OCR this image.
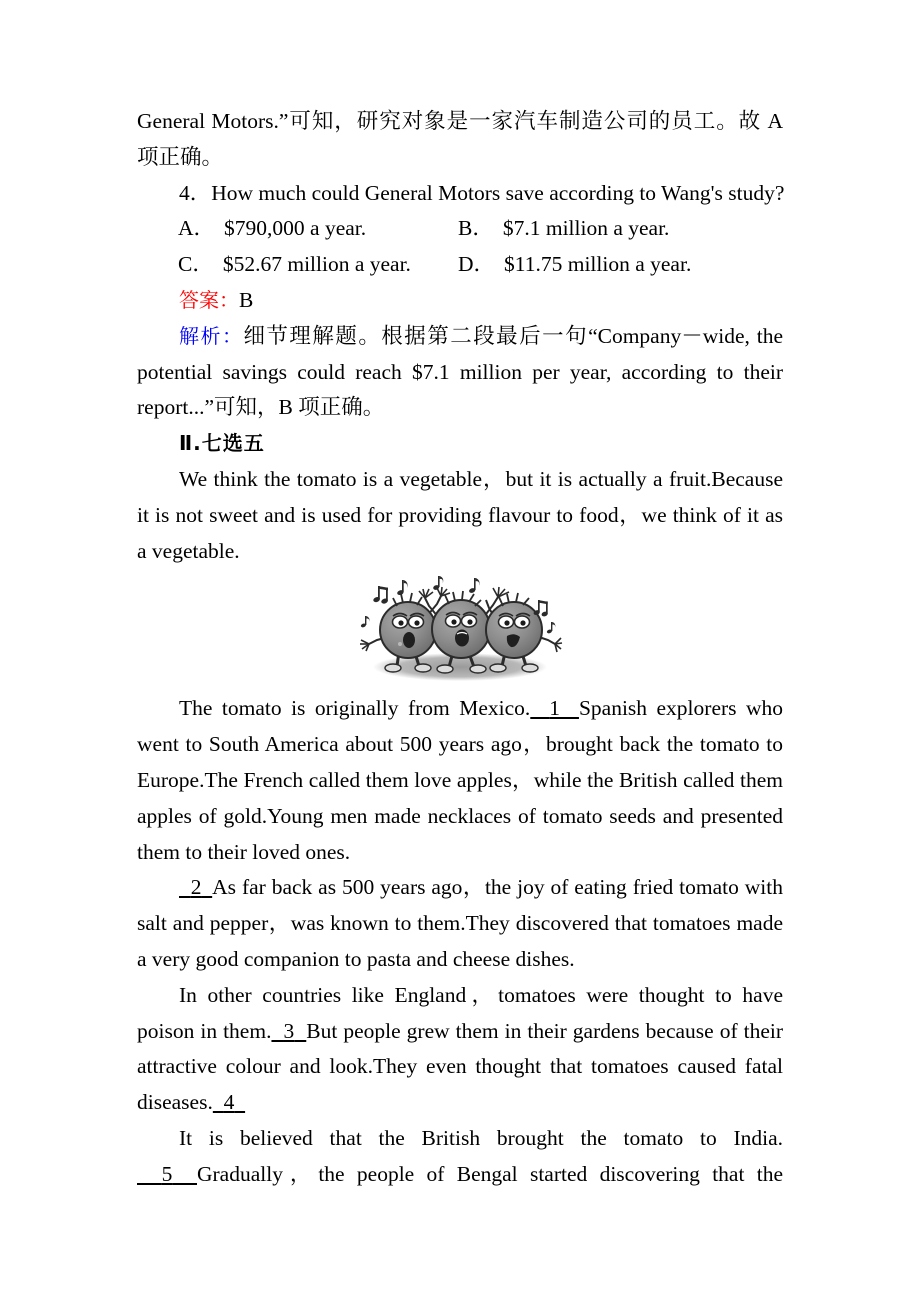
General Motors.”可知，研究对象是一家汽车制造公司的员工。故 A

项正确。

4．How much could General Motors save according to Wang's study?

A． $790,000 a year.	B． $7.1 million a year.
C． $52.67 million a year. D． $11.75 million a year.

答案：B

解析：细节理解题。根据第二段最后一句“Company－wide, the potential savings could reach $7.1 million per year, according to their report...”可知，B 项正确。

Ⅱ.七选五

We think the tomato is a vegetable，but it is actually a fruit.Because it is not sweet and is used for providing flavour to food，we think of it as a vegetable.

The tomato is originally from Mexico. 1 Spanish explorers who went to South America about 500 years ago，brought back the tomato to Europe.The French called them love apples，while the British called them apples of gold.Young men made necklaces of tomato seeds and presented them to their loved ones.

2 As far back as 500 years ago，the joy of eating fried tomato with salt and pepper，was known to them.They discovered that tomatoes made a very good companion to pasta and cheese dishes.

In other countries like England，tomatoes were thought to have poison in them. 3 But people grew them in their gardens because of their attractive colour and look.They even thought that tomatoes caused fatal diseases. 4

It is believed that the British brought the tomato to India.  5 Gradually，the people of Bengal started discovering that the
